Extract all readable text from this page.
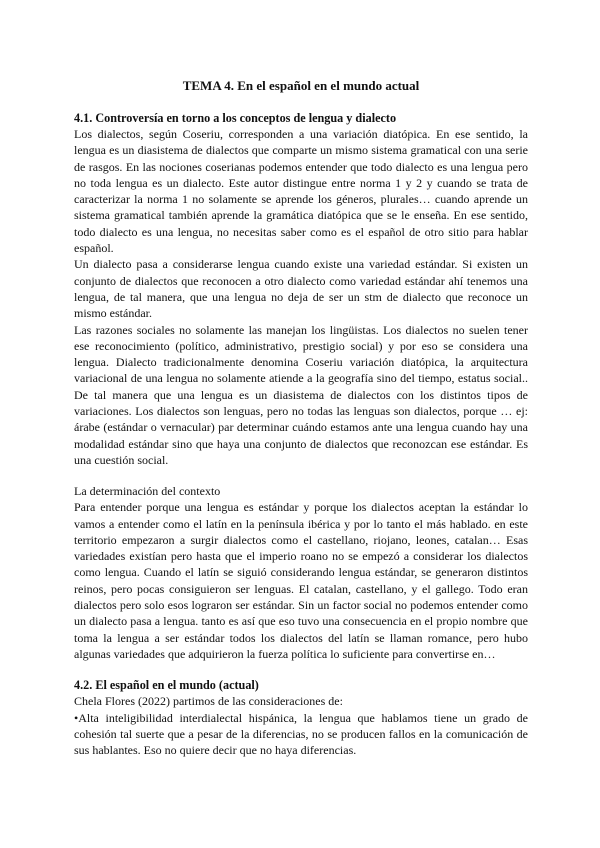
TEMA 4. En el español en el mundo actual
4.1. Controversía en torno a los conceptos de lengua y dialecto

Los dialectos, según Coseriu, corresponden a una variación diatópica. En ese sentido, la lengua es un diasistema de dialectos que comparte un mismo sistema gramatical con una serie de rasgos. En las nociones coserianas podemos entender que todo dialecto es una lengua pero no toda lengua es un dialecto. Este autor distingue entre norma 1 y 2 y cuando se trata de caracterizar la norma 1 no solamente se aprende los géneros, plurales… cuando aprende un sistema gramatical también aprende la gramática diatópica que se le enseña. En ese sentido, todo dialecto es una lengua, no necesitas saber como es el español de otro sitio para hablar español.

Un dialecto pasa a considerarse lengua cuando existe una variedad estándar. Si existen un conjunto de dialectos que reconocen a otro dialecto como variedad estándar ahí tenemos una lengua, de tal manera, que una lengua no deja de ser un stm de dialecto que reconoce un mismo estándar.

Las razones sociales no solamente las manejan los lingüistas. Los dialectos no suelen tener ese reconocimiento (político, administrativo, prestigio social) y por eso se considera una lengua. Dialecto tradicionalmente denomina Coseriu variación diatópica, la arquitectura variacional de una lengua no solamente atiende a la geografía sino del tiempo, estatus social.. De tal manera que una lengua es un diasistema de dialectos con los distintos tipos de variaciones. Los dialectos son lenguas, pero no todas las lenguas son dialectos, porque … ej: árabe (estándar o vernacular) par determinar cuándo estamos ante una lengua cuando hay una modalidad estándar sino que haya una conjunto de dialectos que reconozcan ese estándar. Es una cuestión social.

La determinación del contexto

Para entender porque una lengua es estándar y porque los dialectos aceptan la estándar lo vamos a entender como el latín en la península ibérica y por lo tanto el más hablado. en este territorio empezaron a surgir dialectos como el castellano, riojano, leones, catalan… Esas variedades existían pero hasta que el imperio roano no se empezó a considerar los dialectos como lengua. Cuando el latín se siguió considerando lengua estándar, se generaron distintos reinos, pero pocas consiguieron ser lenguas. El catalan, castellano, y el gallego. Todo eran dialectos pero solo esos lograron ser estándar. Sin un factor social no podemos entender como un dialecto pasa a lengua. tanto es así que eso tuvo una consecuencia en el propio nombre que toma la lengua a ser estándar todos los dialectos del latín se llaman romance, pero hubo algunas variedades que adquirieron la fuerza política lo suficiente para convertirse en…

4.2. El español en el mundo (actual)

Chela Flores (2022) partimos de las consideraciones de:

•Alta inteligibilidad interdialectal hispánica, la lengua que hablamos tiene un grado de cohesión tal suerte que a pesar de la diferencias, no se producen fallos en la comunicación de sus hablantes. Eso no quiere decir que no haya diferencias.
